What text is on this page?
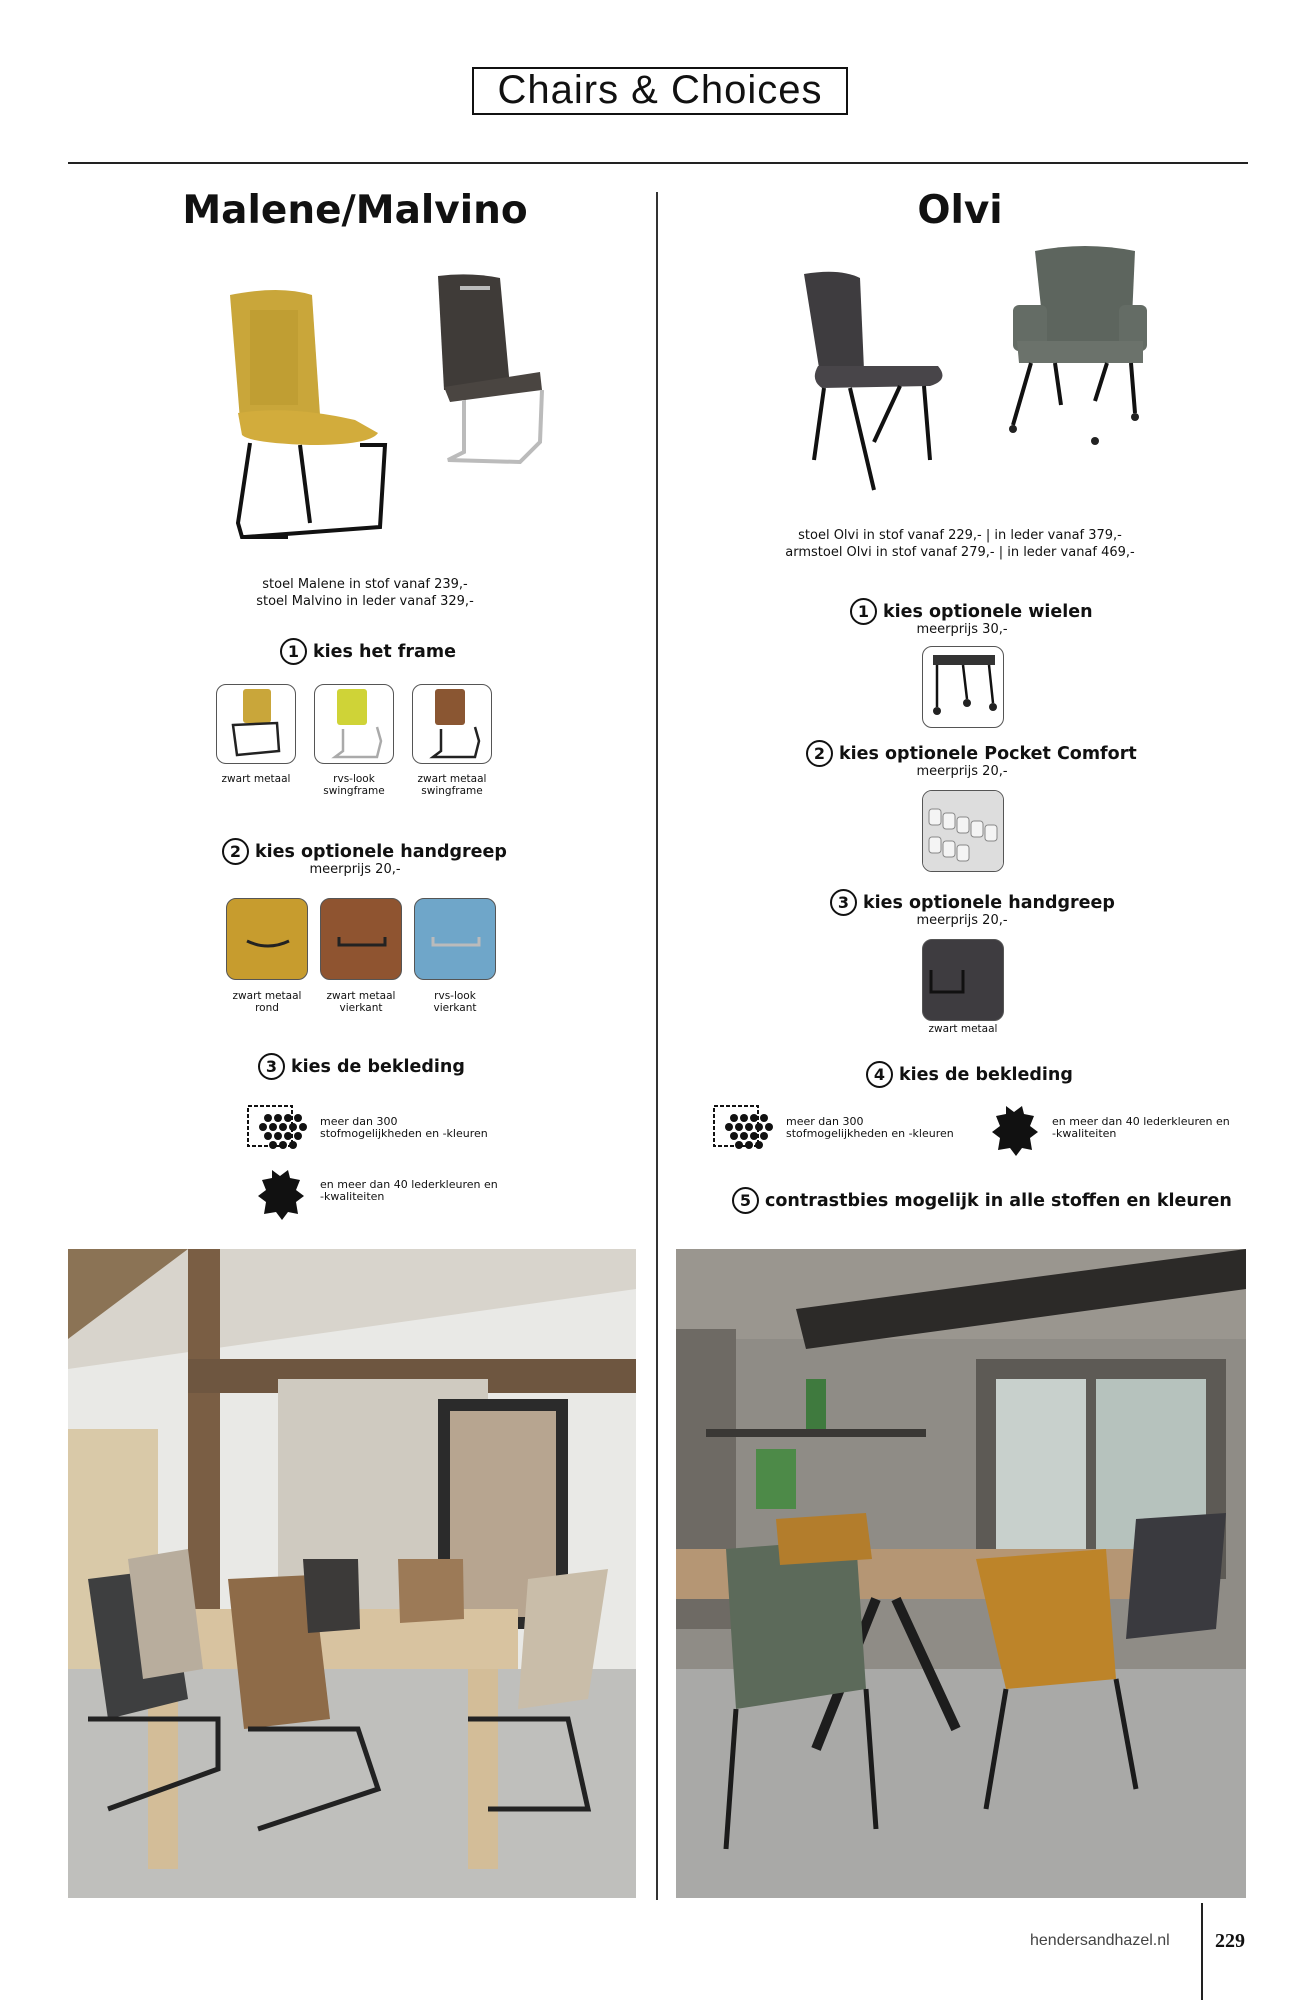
Chairs & Choices
Malene/Malvino
stoel Malene in stof vanaf 239,-
stoel Malvino in leder vanaf 329,-
1 kies het frame
zwart metaal	rvs-look
swingframe
zwart metaal
swingframe
2 kies optionele handgreep
meerprijs 20,-
zwart metaal
rond
zwart metaal
vierkant
rvs-look
vierkant
3 kies de bekleding
meer dan 300
stofmogelijkheden en -kleuren
en meer dan 40 lederkleuren en
-kwaliteiten
Olvi
stoel Olvi in stof vanaf 229,- | in leder vanaf 379,-
armstoel Olvi in stof vanaf 279,- | in leder vanaf 469,-
1 kies optionele wielen
meerprijs 30,-
2 kies optionele Pocket Comfort
meerprijs 20,-
3 kies optionele handgreep
meerprijs 20,-
zwart metaal
4 kies de bekleding
meer dan 300
stofmogelijkheden en -kleuren
en meer dan 40 lederkleuren en
-kwaliteiten
5 contrastbies mogelijk in alle stoffen en kleuren
hendersandhazel.nl 229
